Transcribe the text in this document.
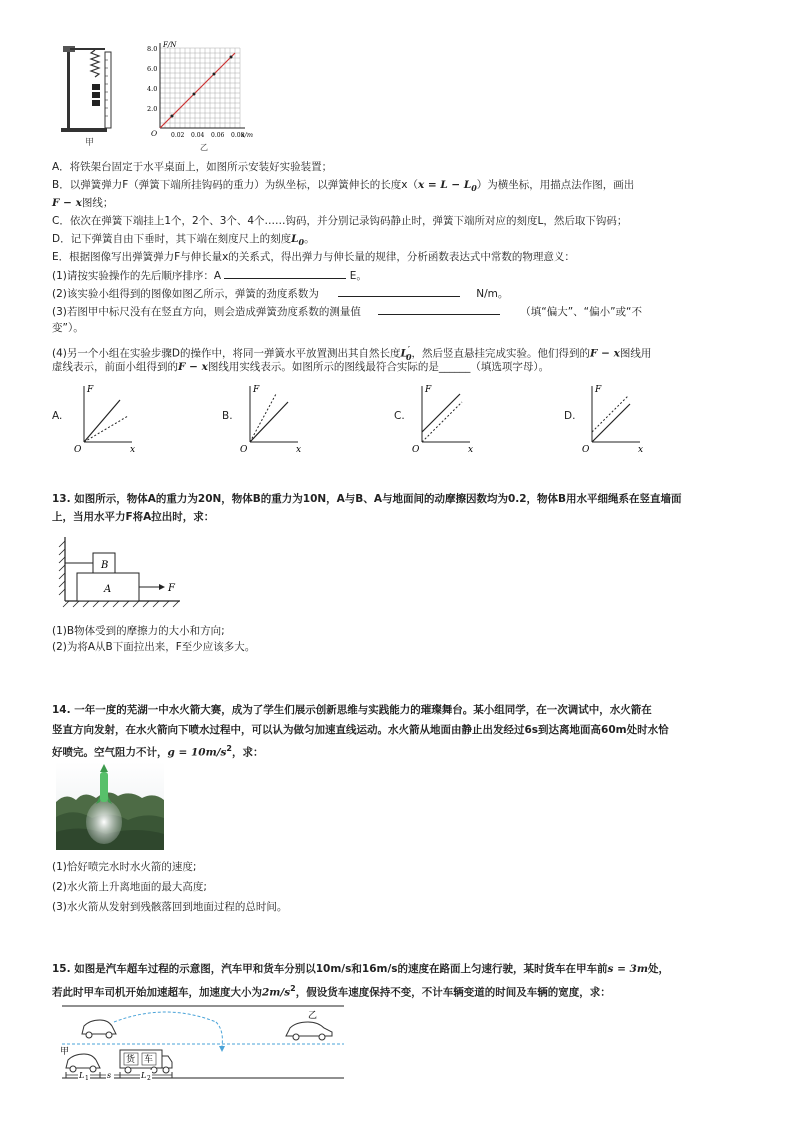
甲
F/N
x/m
O
2.0
4.0
6.0
8.0
0.02 0.04 0.06 0.08
乙
A．将铁架台固定于水平桌面上，如图所示安装好实验装置；
B．以弹簧弹力F（弹簧下端所挂钩码的重力）为纵坐标，以弹簧伸长的长度$x(x = L - L_0)$为横坐标，用描点法作图，画出
F − x图线；
C．依次在弹簧下端挂上1个，2个、3个、4个……钩码，并分别记录钩码静止时，弹簧下端所对应的刻度L，然后取下钩码；
D．记下弹簧自由下垂时，其下端在刻度尺上的刻度$L_0$。
E．根据图像写出弹簧弹力F与伸长量x的关系式，得出弹力与伸长量的规律，分析函数表达式中常数的物理意义：
(1)请按实验操作的先后顺序排序：A	E。
(2)该实验小组得到的图像如图乙所示，弹簧的劲度系数为	N/m。
(3)若图甲中标尺没有在竖直方向，则会造成弹簧劲度系数的测量值	（填“偏大”、“偏小”或“不
变”）。
(4)另一个小组在实验步骤D的操作中，将同一弹簧水平放置测出其自然长度$L'_0$，然后竖直悬挂完成实验。他们得到的F − x图线用
虚线表示，前面小组得到的F − x图线用实线表示。如图所示的图线最符合实际的是______（填选项字母）。
A.
F
O	x
B.
F
O	x
C.
F
O	x
D.
F
O	x
13. 如图所示，物体A的重力为20N，物体B的重力为10N，A与B、A与地面间的动摩擦因数均为0.2，物体B用水平细绳系在竖直墙面
上，当用水平力F将A拉出时，求：
B
A	F
(1)B物体受到的摩擦力的大小和方向;
(2)为将A从B下面拉出来，F至少应该多大。
14. 一年一度的芜湖一中水火箭大赛，成为了学生们展示创新思维与实践能力的璀璨舞台。某小组同学，在一次调试中，水火箭在
竖直方向发射，在水火箭向下喷水过程中，可以认为做匀加速直线运动。水火箭从地面由静止出发经过6s到达离地面高60m处时水恰
好喷完。空气阻力不计，$g = 10m/s^2$，求：
(1)恰好喷完水时水火箭的速度;
(2)水火箭上升离地面的最大高度;
(3)水火箭从发射到残骸落回到地面过程的总时间。
15. 如图是汽车超车过程的示意图，汽车甲和货车分别以10m/s和16m/s的速度在路面上匀速行驶，某时货车在甲车前s = 3m处，
若此时甲车司机开始加速超车，加速度大小为$2m/s^2$，假设货车速度保持不变，不计车辆变道的时间及车辆的宽度，求：
乙
甲
货 车
L 1 s	L 2
